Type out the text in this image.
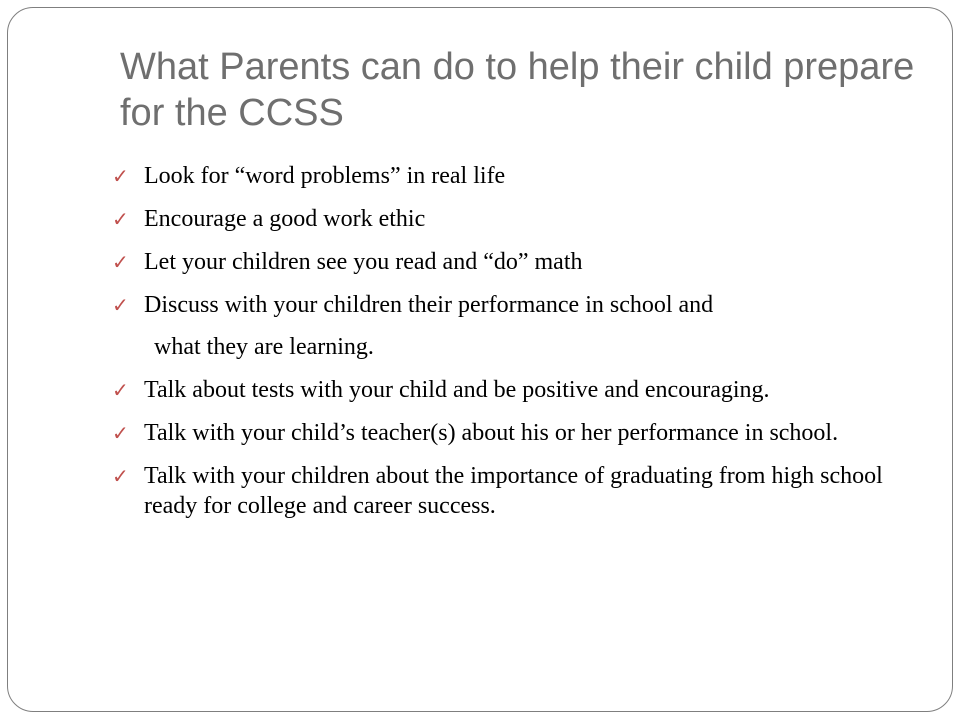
What Parents can do to help their child prepare for the CCSS
✓ Look for “word problems” in real life
✓ Encourage a good work ethic
✓ Let your children see you read and “do” math
✓ Discuss with your children their performance in school and
what they are learning.
✓ Talk about tests with your child and be positive and encouraging.
✓ Talk with your child’s teacher(s) about his or her performance in school.
✓ Talk with your children about the importance of graduating from high school ready for college and career success.
